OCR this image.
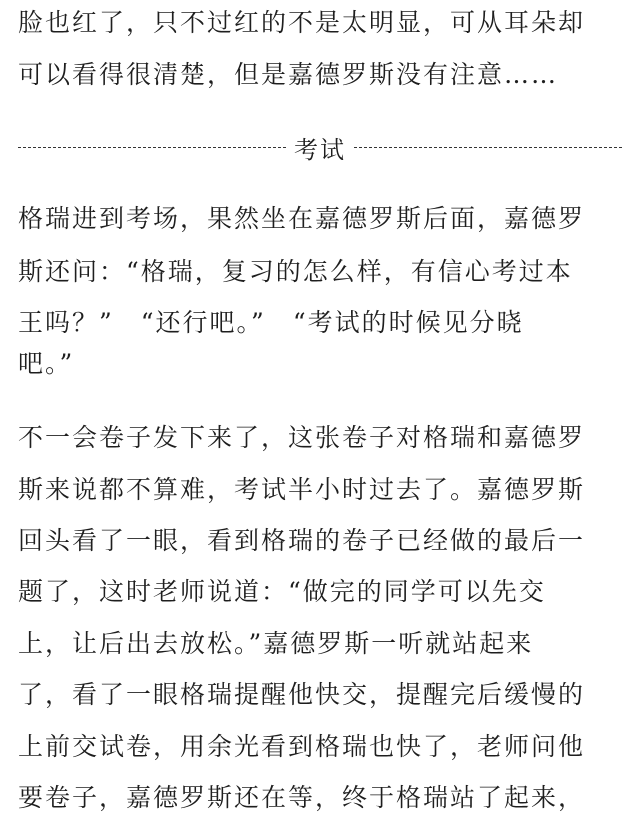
脸也红了，只不过红的不是太明显，可从耳朵却
可以看得很清楚，但是嘉德罗斯没有注意……
考试
格瑞进到考场，果然坐在嘉德罗斯后面，嘉德罗
斯还问：“格瑞，复习的怎么样，有信心考过本
王吗？”　“还行吧。”　“考试的时候见分晓
吧。”
不一会卷子发下来了，这张卷子对格瑞和嘉德罗
斯来说都不算难，考试半小时过去了。嘉德罗斯
回头看了一眼，看到格瑞的卷子已经做的最后一
题了，这时老师说道：“做完的同学可以先交
上，让后出去放松。”嘉德罗斯一听就站起来
了，看了一眼格瑞提醒他快交，提醒完后缓慢的
上前交试卷，用余光看到格瑞也快了，老师问他
要卷子，嘉德罗斯还在等，终于格瑞站了起来，
